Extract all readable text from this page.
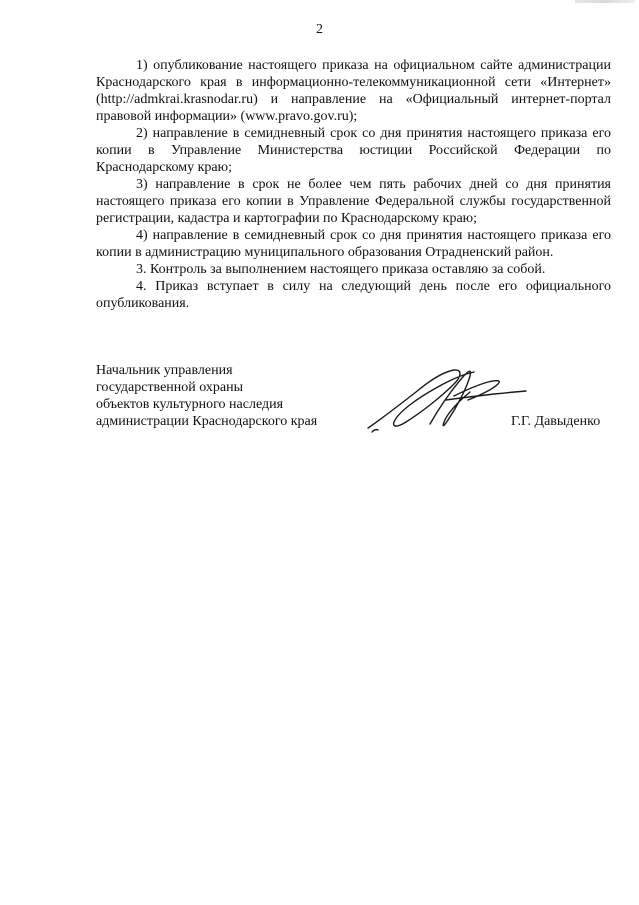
2

1) опубликование настоящего приказа на официальном сайте администрации Краснодарского края в информационно-телекоммуникационной сети «Интернет» (http://admkrai.krasnodar.ru) и направление на «Официальный интернет-портал правовой информации» (www.pravo.gov.ru);

2) направление в семидневный срок со дня принятия настоящего приказа его копии в Управление Министерства юстиции Российской Федерации по Краснодарскому краю;

3) направление в срок не более чем пять рабочих дней со дня принятия настоящего приказа его копии в Управление Федеральной службы государственной регистрации, кадастра и картографии по Краснодарскому краю;

4) направление в семидневный срок со дня принятия настоящего приказа его копии в администрацию муниципального образования Отрадненский район.

3. Контроль за выполнением настоящего приказа оставляю за собой.

4. Приказ вступает в силу на следующий день после его официального опубликования.

Начальник управления
государственной охраны
объектов культурного наследия
администрации Краснодарского края	Г.Г. Давыденко
